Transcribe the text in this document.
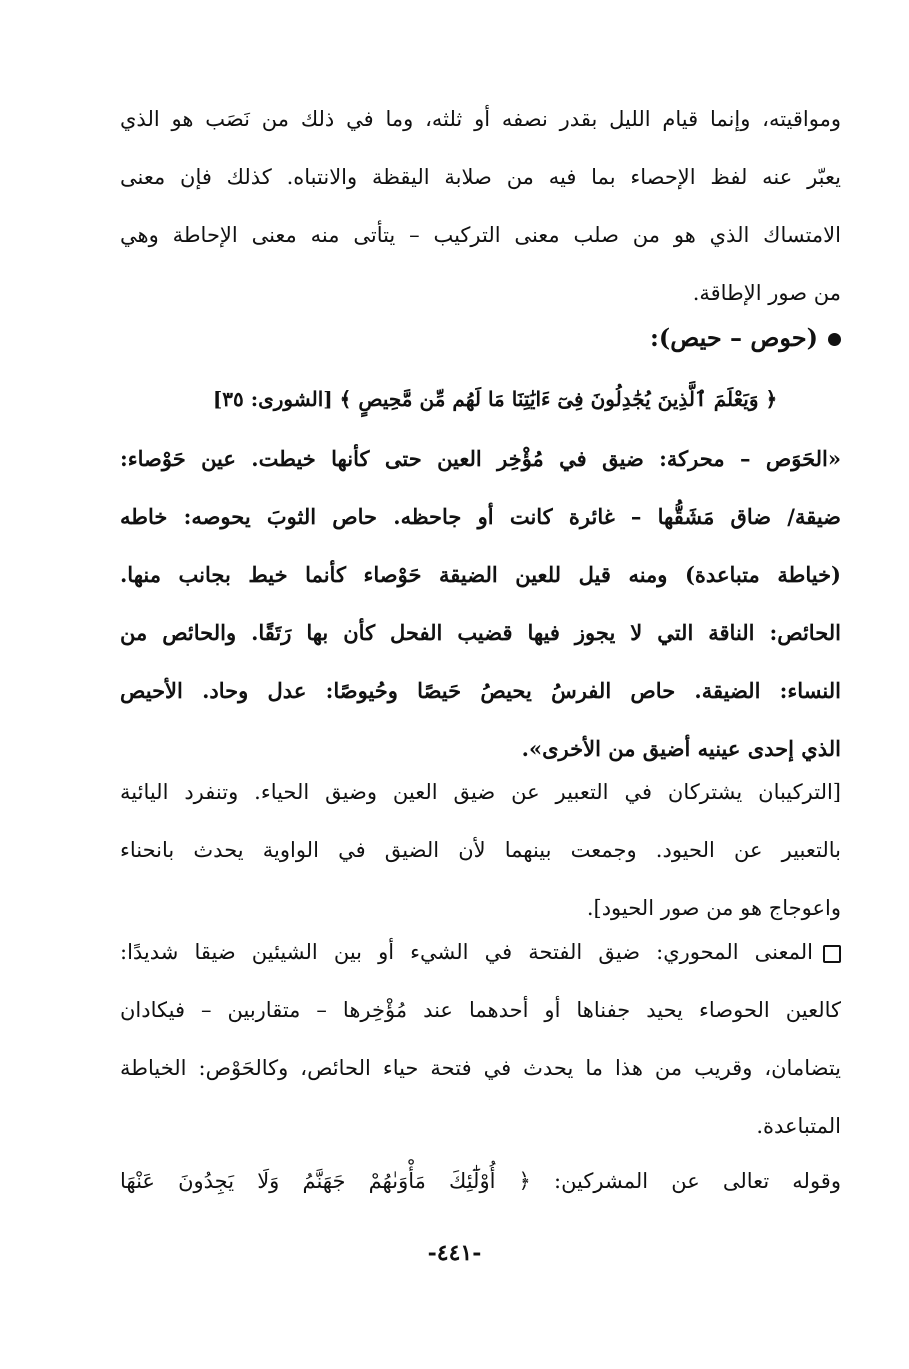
ومواقيته، وإنما قيام الليل بقدر نصفه أو ثلثه، وما في ذلك من نَصَب هو الذي
يعبّر عنه لفظ الإحصاء بما فيه من صلابة اليقظة والانتباه. كذلك فإن معنى
الامتساك الذي هو من صلب معنى التركيب – يتأتى منه معنى الإحاطة وهي
من صور الإطاقة.
(حوص – حيص):
﴿ وَيَعْلَمَ ٱلَّذِينَ يُجَٰدِلُونَ فِىٓ ءَايَٰتِنَا مَا لَهُم مِّن مَّحِيصٍ ﴾ [الشورى: ٣٥]
«الحَوَص – محركة: ضيق في مُؤْخِر العين حتى كأنها خيطت. عين حَوْصاء:
ضيقة/ ضاق مَشَقُّها – غائرة كانت أو جاحظه. حاص الثوبَ يحوصه: خاطه
(خياطة متباعدة) ومنه قيل للعين الضيقة حَوْصاء كأنما خيط بجانب منها.
الحائص: الناقة التي لا يجوز فيها قضيب الفحل كأن بها رَتَقًا. والحائص من
النساء: الضيقة. حاص الفرسُ يحيصُ حَيصًا وحُيوصًا: عدل وحاد. الأحيص
الذي إحدى عينيه أضيق من الأخرى».
[التركيبان يشتركان في التعبير عن ضيق العين وضيق الحياء. وتنفرد اليائية
بالتعبير عن الحيود. وجمعت بينهما لأن الضيق في الواوية يحدث بانحناء
واعوجاج هو من صور الحيود].
المعنى المحوري: ضيق الفتحة في الشيء أو بين الشيئين ضيقا شديدًا:
كالعين الحوصاء يحيد جفناها أو أحدهما عند مُؤْخِرها – متقاربين – فيكادان
يتضامان، وقريب من هذا ما يحدث في فتحة حياء الحائص، وكالحَوْص: الخياطة
المتباعدة.
وقوله تعالى عن المشركين: ﴿ أُوْلَٰٓئِكَ مَأْوَىٰهُمْ جَهَنَّمُ وَلَا يَجِدُونَ عَنْهَا
-٤٤١-
